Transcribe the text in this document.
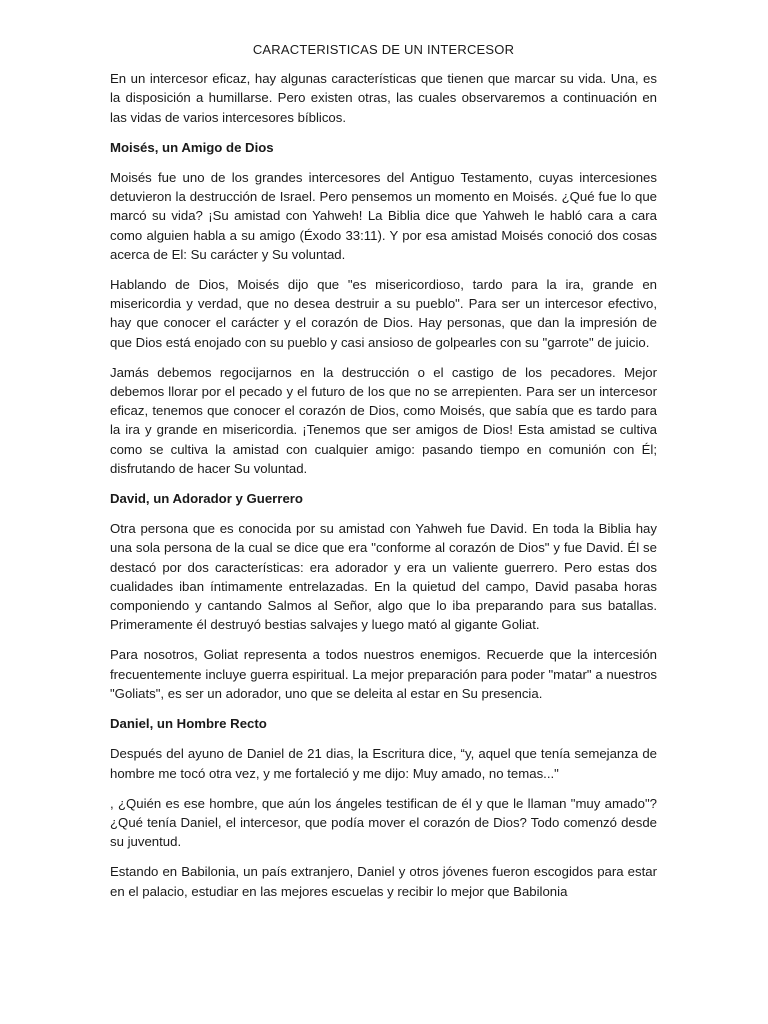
CARACTERISTICAS DE UN INTERCESOR

En un intercesor eficaz, hay algunas características que tienen que marcar su vida. Una, es la disposición a humillarse. Pero existen otras, las cuales observaremos a continuación en las vidas de varios intercesores bíblicos.

Moisés, un Amigo de Dios

Moisés fue uno de los grandes intercesores del Antiguo Testamento, cuyas intercesiones detuvieron la destrucción de Israel. Pero pensemos un momento en Moisés. ¿Qué fue lo que marcó su vida? ¡Su amistad con Yahweh! La Biblia dice que Yahweh le habló cara a cara como alguien habla a su amigo (Éxodo 33:11). Y por esa amistad Moisés conoció dos cosas acerca de El: Su carácter y Su voluntad.

Hablando de Dios, Moisés dijo que "es misericordioso, tardo para la ira, grande en misericordia y verdad, que no desea destruir a su pueblo". Para ser un intercesor efectivo, hay que conocer el carácter y el corazón de Dios. Hay personas, que dan la impresión de que Dios está enojado con su pueblo y casi ansioso de golpearles con su "garrote" de juicio.

Jamás debemos regocijarnos en la destrucción o el castigo de los pecadores. Mejor debemos llorar por el pecado y el futuro de los que no se arrepienten. Para ser un intercesor eficaz, tenemos que conocer el corazón de Dios, como Moisés, que sabía que es tardo para la ira y grande en misericordia. ¡Tenemos que ser amigos de Dios! Esta amistad se cultiva como se cultiva la amistad con cualquier amigo: pasando tiempo en comunión con Él; disfrutando de hacer Su voluntad.

David, un Adorador y Guerrero

Otra persona que es conocida por su amistad con Yahweh fue David. En toda la Biblia hay una sola persona de la cual se dice que era "conforme al corazón de Dios" y fue David. Él se destacó por dos características: era adorador y era un valiente guerrero. Pero estas dos cualidades iban íntimamente entrelazadas. En la quietud del campo, David pasaba horas componiendo y cantando Salmos al Señor, algo que lo iba preparando para sus batallas. Primeramente él destruyó bestias salvajes y luego mató al gigante Goliat.

Para nosotros, Goliat representa a todos nuestros enemigos. Recuerde que la intercesión frecuentemente incluye guerra espiritual. La mejor preparación para poder "matar" a nuestros "Goliats", es ser un adorador, uno que se deleita al estar en Su presencia.

Daniel, un Hombre Recto

Después del ayuno de Daniel de 21 dias, la Escritura dice, “y, aquel que tenía semejanza de hombre me tocó otra vez, y me fortaleció y me dijo: Muy amado, no temas..."

, ¿Quién es ese hombre, que aún los ángeles testifican de él y que le llaman "muy amado"? ¿Qué tenía Daniel, el intercesor, que podía mover el corazón de Dios? Todo comenzó desde su juventud.

Estando en Babilonia, un país extranjero, Daniel y otros jóvenes fueron escogidos para estar en el palacio, estudiar en las mejores escuelas y recibir lo mejor que Babilonia
